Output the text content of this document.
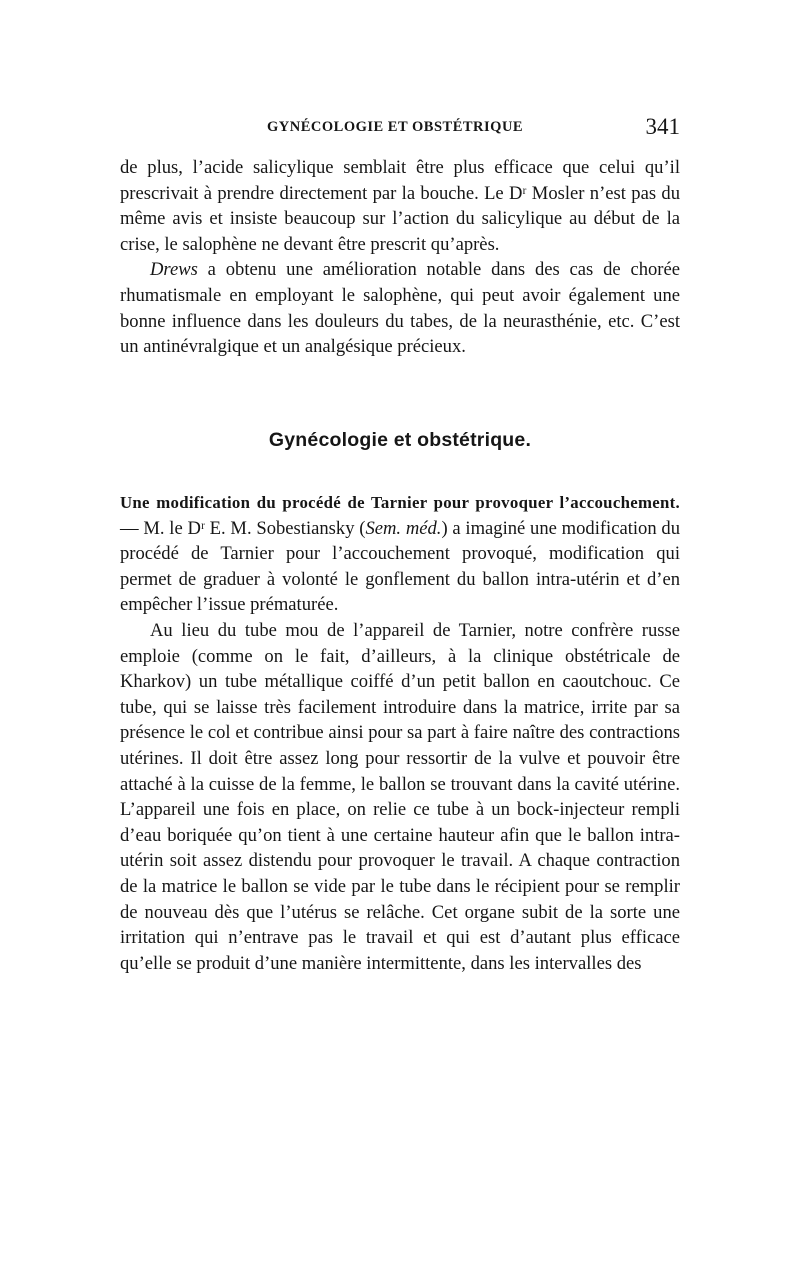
GYNÉCOLOGIE ET OBSTÉTRIQUE	341

de plus, l’acide salicylique semblait être plus efficace que celui qu’il prescrivait à prendre directement par la bouche. Le Dʳ Mosler n’est pas du même avis et insiste beaucoup sur l’action du salicylique au début de la crise, le salophène ne devant être prescrit qu’après.

Drews a obtenu une amélioration notable dans des cas de chorée rhumatismale en employant le salophène, qui peut avoir également une bonne influence dans les douleurs du tabes, de la neurasthénie, etc. C’est un antinévralgique et un analgésique précieux.

Gynécologie et obstétrique.

Une modification du procédé de Tarnier pour provoquer l’accouchement. — M. le Dʳ E. M. Sobestiansky (Sem. méd.) a imaginé une modification du procédé de Tarnier pour l’accouchement provoqué, modification qui permet de graduer à volonté le gonflement du ballon intra-utérin et d’en empêcher l’issue prématurée.

Au lieu du tube mou de l’appareil de Tarnier, notre confrère russe emploie (comme on le fait, d’ailleurs, à la clinique obstétricale de Kharkov) un tube métallique coiffé d’un petit ballon en caoutchouc. Ce tube, qui se laisse très facilement introduire dans la matrice, irrite par sa présence le col et contribue ainsi pour sa part à faire naître des contractions utérines. Il doit être assez long pour ressortir de la vulve et pouvoir être attaché à la cuisse de la femme, le ballon se trouvant dans la cavité utérine. L’appareil une fois en place, on relie ce tube à un bock-injecteur rempli d’eau boriquée qu’on tient à une certaine hauteur afin que le ballon intra-utérin soit assez distendu pour provoquer le travail. A chaque contraction de la matrice le ballon se vide par le tube dans le récipient pour se remplir de nouveau dès que l’utérus se relâche. Cet organe subit de la sorte une irritation qui n’entrave pas le travail et qui est d’autant plus efficace qu’elle se produit d’une manière intermittente, dans les intervalles des
